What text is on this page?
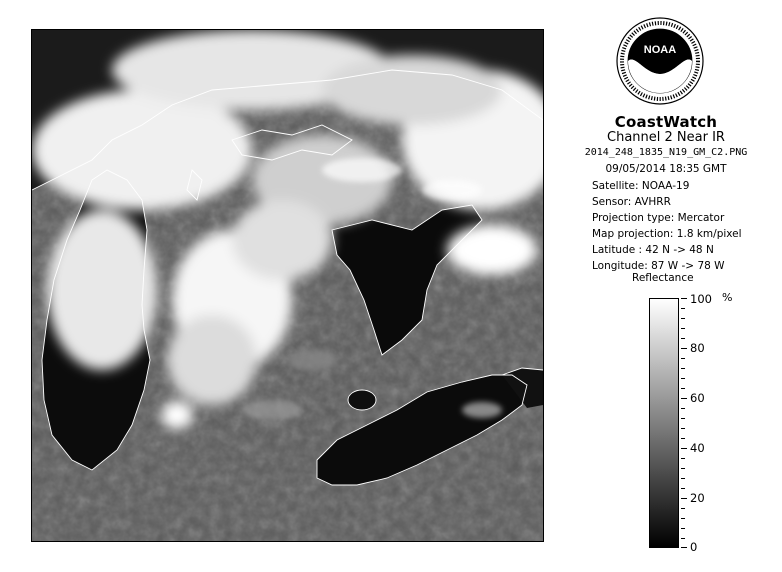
NOAA
CoastWatch
Channel 2 Near IR
2014_248_1835_N19_GM_C2.PNG
09/05/2014 18:35 GMT
Satellite: NOAA-19
Sensor: AVHRR
Projection type: Mercator
Map projection: 1.8 km/pixel
Latitude : 42 N -> 48 N
Longitude: 87 W -> 78 W
Reflectance
%
100
80
60
40
20
0
